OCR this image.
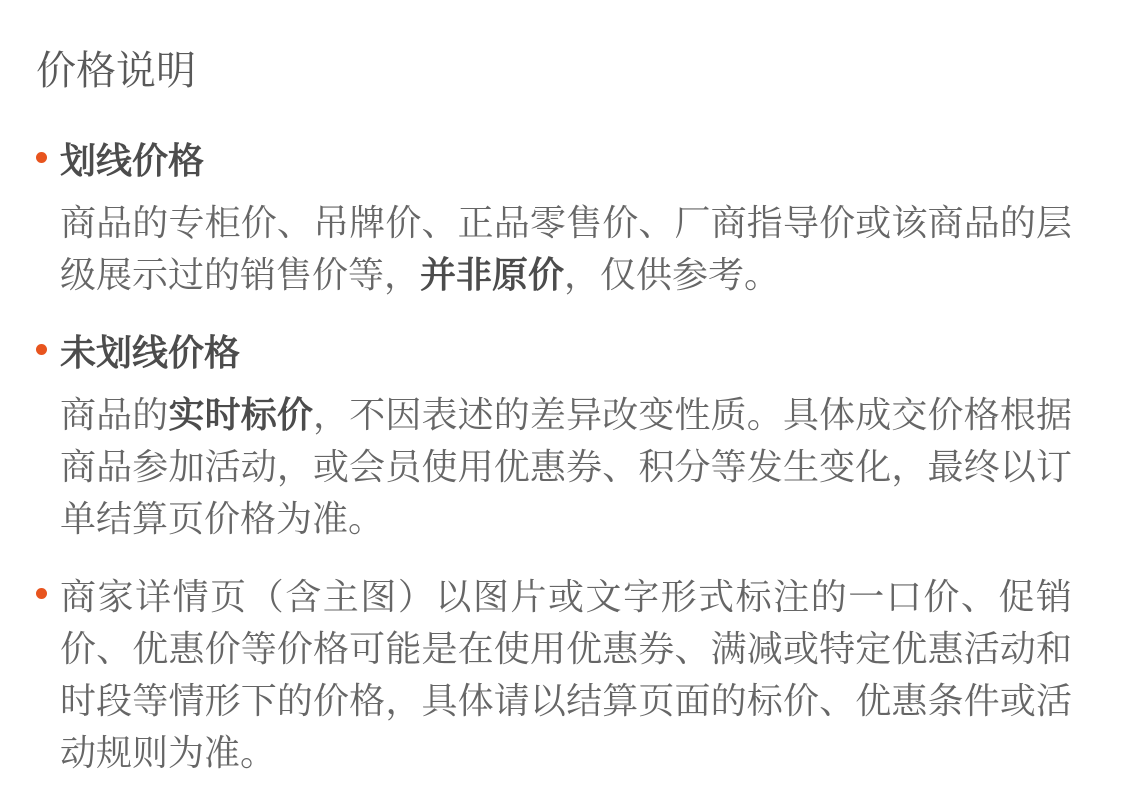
价格说明
划线价格

商品的专柜价、吊牌价、正品零售价、厂商指导价或该商品的层级展示过的销售价等，并非原价，仅供参考。

未划线价格

商品的实时标价，不因表述的差异改变性质。具体成交价格根据商品参加活动，或会员使用优惠券、积分等发生变化，最终以订单结算页价格为准。

商家详情页（含主图）以图片或文字形式标注的一口价、促销价、优惠价等价格可能是在使用优惠券、满减或特定优惠活动和时段等情形下的价格，具体请以结算页面的标价、优惠条件或活动规则为准。
